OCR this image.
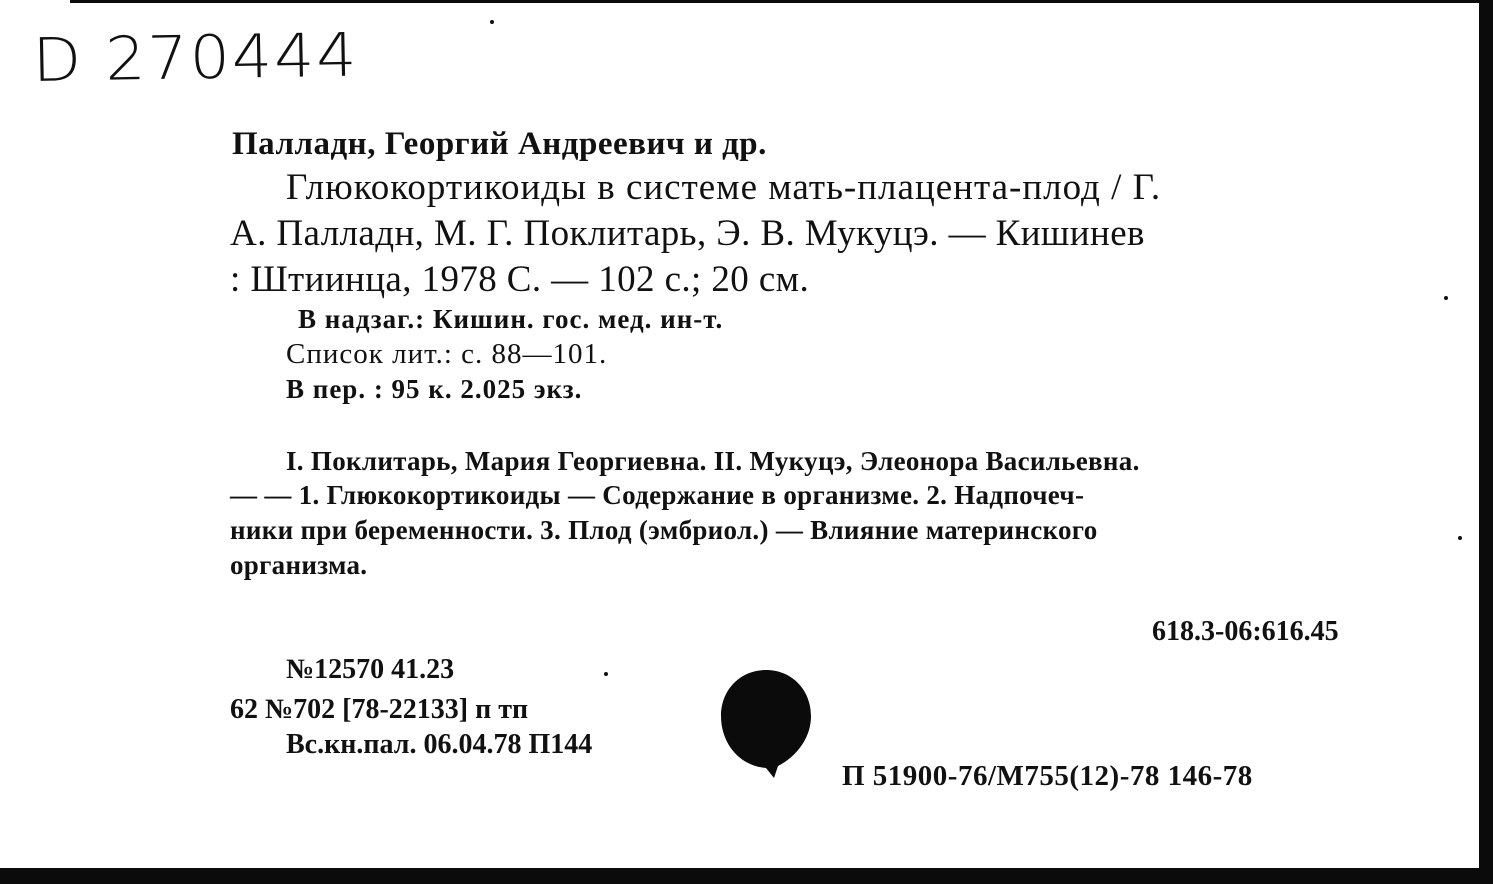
D 270444
Палладн, Георгий Андреевич и др.
Глюкокортикоиды в системе мать-плацента-плод / Г.
А. Палладн, М. Г. Поклитарь, Э. В. Мукуцэ. — Кишинев
: Штиинца, 1978 С. — 102 с.; 20 см.
В надзаг.: Кишин. гос. мед. ин-т.
Список лит.: с. 88—101.
В пер. : 95 к. 2.025 экз.
I. Поклитарь, Мария Георгиевна. II. Мукуцэ, Элеонора Васильевна.
— — 1. Глюкокортикоиды — Содержание в организме. 2. Надпочеч-
ники при беременности. 3. Плод (эмбриол.) — Влияние материнского
организма.
618.3-06:616.45
№12570 41.23
62 №702 [78-22133] п тп
Вс.кн.пал. 06.04.78 П144
П 51900-76/М755(12)-78 146-78
